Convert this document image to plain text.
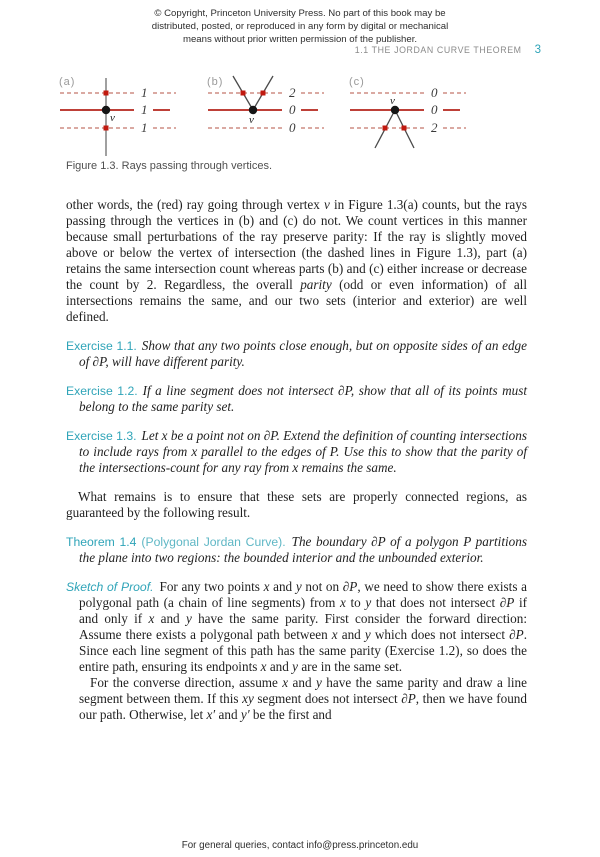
© Copyright, Princeton University Press. No part of this book may be
distributed, posted, or reproduced in any form by digital or mechanical
means without prior written permission of the publisher.
1.1 THE JORDAN CURVE THEOREM 3
(a)
v
1
1
1
(b)
v
2
0
0
(c)
v
0
0
2
Figure 1.3. Rays passing through vertices.

other words, the (red) ray going through vertex v in Figure 1.3(a) counts, but the rays passing through the vertices in (b) and (c) do not. We count vertices in this manner because small perturbations of the ray preserve parity: If the ray is slightly moved above or below the vertex of intersection (the dashed lines in Figure 1.3), part (a) retains the same intersection count whereas parts (b) and (c) either increase or decrease the count by 2. Regardless, the overall parity (odd or even information) of all intersections remains the same, and our two sets (interior and exterior) are well defined.

Exercise 1.1. Show that any two points close enough, but on opposite sides of an edge of ∂P, will have different parity.

Exercise 1.2. If a line segment does not intersect ∂P, show that all of its points must belong to the same parity set.

Exercise 1.3. Let x be a point not on ∂P. Extend the definition of counting intersections to include rays from x parallel to the edges of P. Use this to show that the parity of the intersections-count for any ray from x remains the same.

What remains is to ensure that these sets are properly connected regions, as guaranteed by the following result.

Theorem 1.4 (Polygonal Jordan Curve). The boundary ∂P of a polygon P partitions the plane into two regions: the bounded interior and the unbounded exterior.

Sketch of Proof. For any two points x and y not on ∂P, we need to show there exists a polygonal path (a chain of line segments) from x to y that does not intersect ∂P if and only if x and y have the same parity. First consider the forward direction: Assume there exists a polygonal path between x and y which does not intersect ∂P. Since each line segment of this path has the same parity (Exercise 1.2), so does the entire path, ensuring its endpoints x and y are in the same set.

For the converse direction, assume x and y have the same parity and draw a line segment between them. If this xy segment does not intersect ∂P, then we have found our path. Otherwise, let x′ and y′ be the first and

For general queries, contact info@press.princeton.edu
